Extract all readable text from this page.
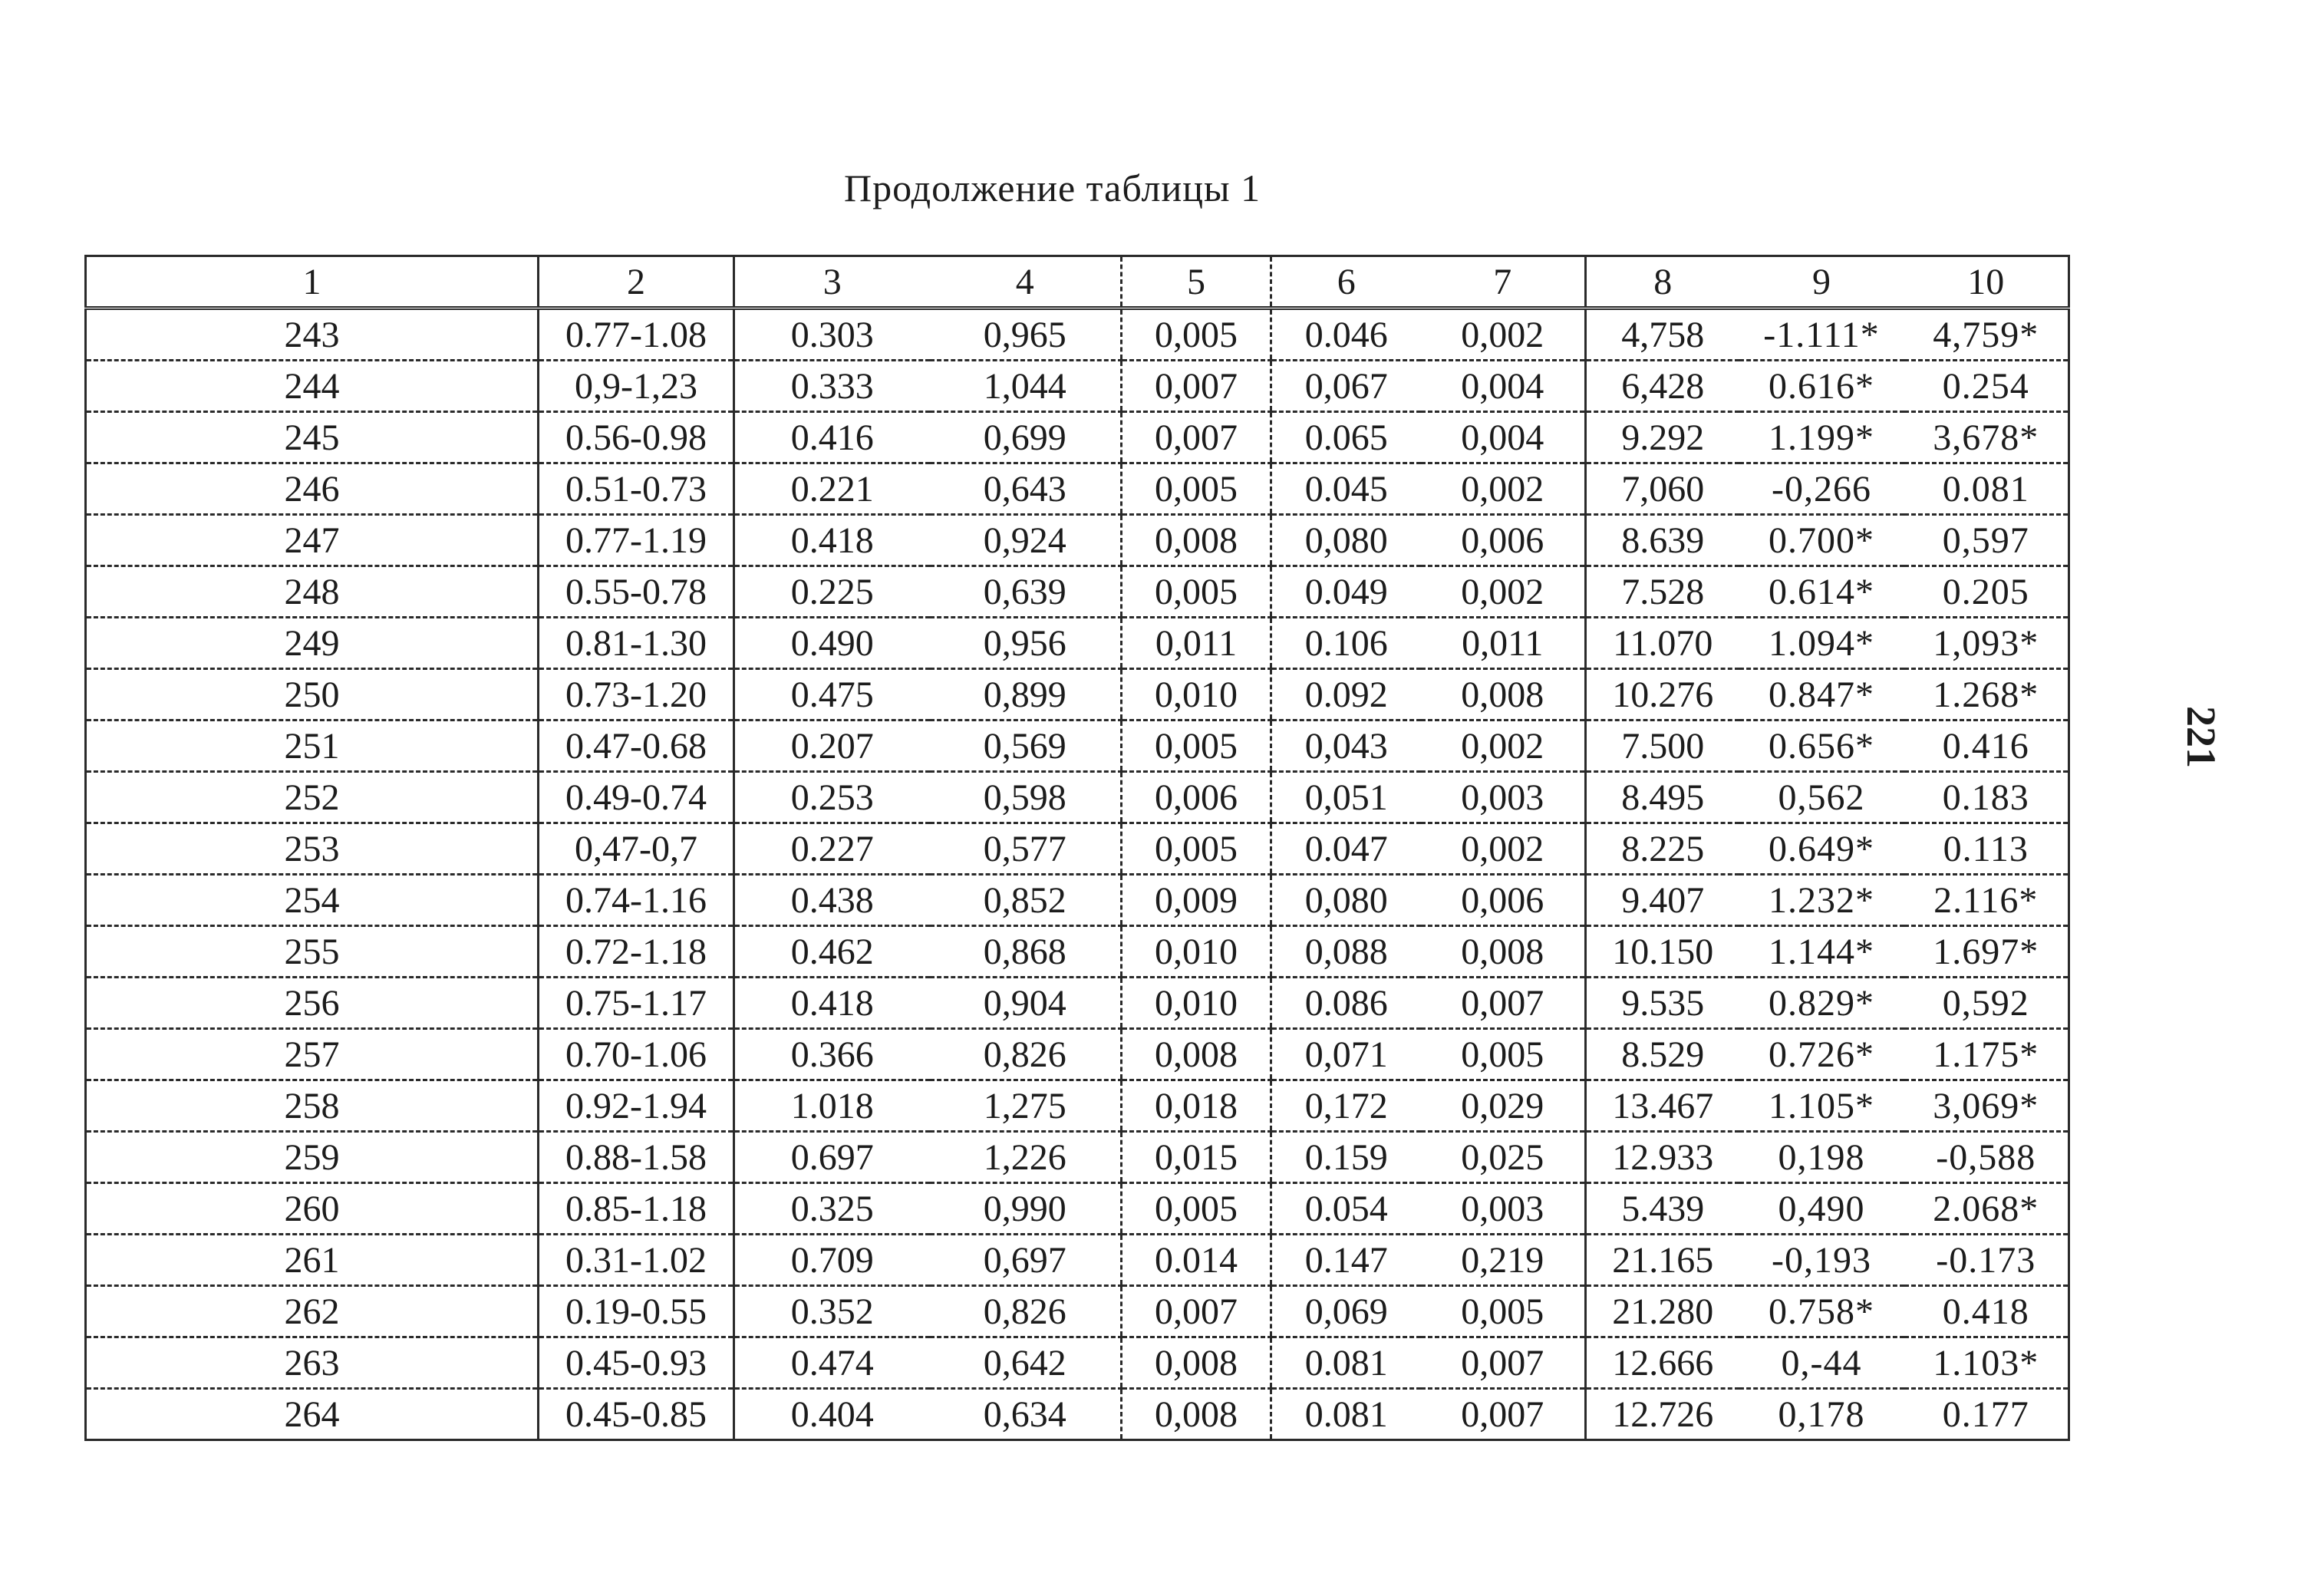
Продолжение таблицы 1
221
1	2	3	4	5	6	7	8	9	10
243	0.77-1.08	0.303	0,965	0,005	0.046	0,002	4,758	-1.111*	4,759*
244	0,9-1,23	0.333	1,044	0,007	0,067	0,004	6,428	0.616*	0.254
245	0.56-0.98	0.416	0,699	0,007	0.065	0,004	9.292	1.199*	3,678*
246	0.51-0.73	0.221	0,643	0,005	0.045	0,002	7,060	-0,266	0.081
247	0.77-1.19	0.418	0,924	0,008	0,080	0,006	8.639	0.700*	0,597
248	0.55-0.78	0.225	0,639	0,005	0.049	0,002	7.528	0.614*	0.205
249	0.81-1.30	0.490	0,956	0,011	0.106	0,011	11.070	1.094*	1,093*
250	0.73-1.20	0.475	0,899	0,010	0.092	0,008	10.276	0.847*	1.268*
251	0.47-0.68	0.207	0,569	0,005	0,043	0,002	7.500	0.656*	0.416
252	0.49-0.74	0.253	0,598	0,006	0,051	0,003	8.495	0,562	0.183
253	0,47-0,7	0.227	0,577	0,005	0.047	0,002	8.225	0.649*	0.113
254	0.74-1.16	0.438	0,852	0,009	0,080	0,006	9.407	1.232*	2.116*
255	0.72-1.18	0.462	0,868	0,010	0,088	0,008	10.150	1.144*	1.697*
256	0.75-1.17	0.418	0,904	0,010	0.086	0,007	9.535	0.829*	0,592
257	0.70-1.06	0.366	0,826	0,008	0,071	0,005	8.529	0.726*	1.175*
258	0.92-1.94	1.018	1,275	0,018	0,172	0,029	13.467	1.105*	3,069*
259	0.88-1.58	0.697	1,226	0,015	0.159	0,025	12.933	0,198	-0,588
260	0.85-1.18	0.325	0,990	0,005	0.054	0,003	5.439	0,490	2.068*
261	0.31-1.02	0.709	0,697	0.014	0.147	0,219	21.165	-0,193	-0.173
262	0.19-0.55	0.352	0,826	0,007	0,069	0,005	21.280	0.758*	0.418
263	0.45-0.93	0.474	0,642	0,008	0.081	0,007	12.666	0,-44	1.103*
264	0.45-0.85	0.404	0,634	0,008	0.081	0,007	12.726	0,178	0.177
